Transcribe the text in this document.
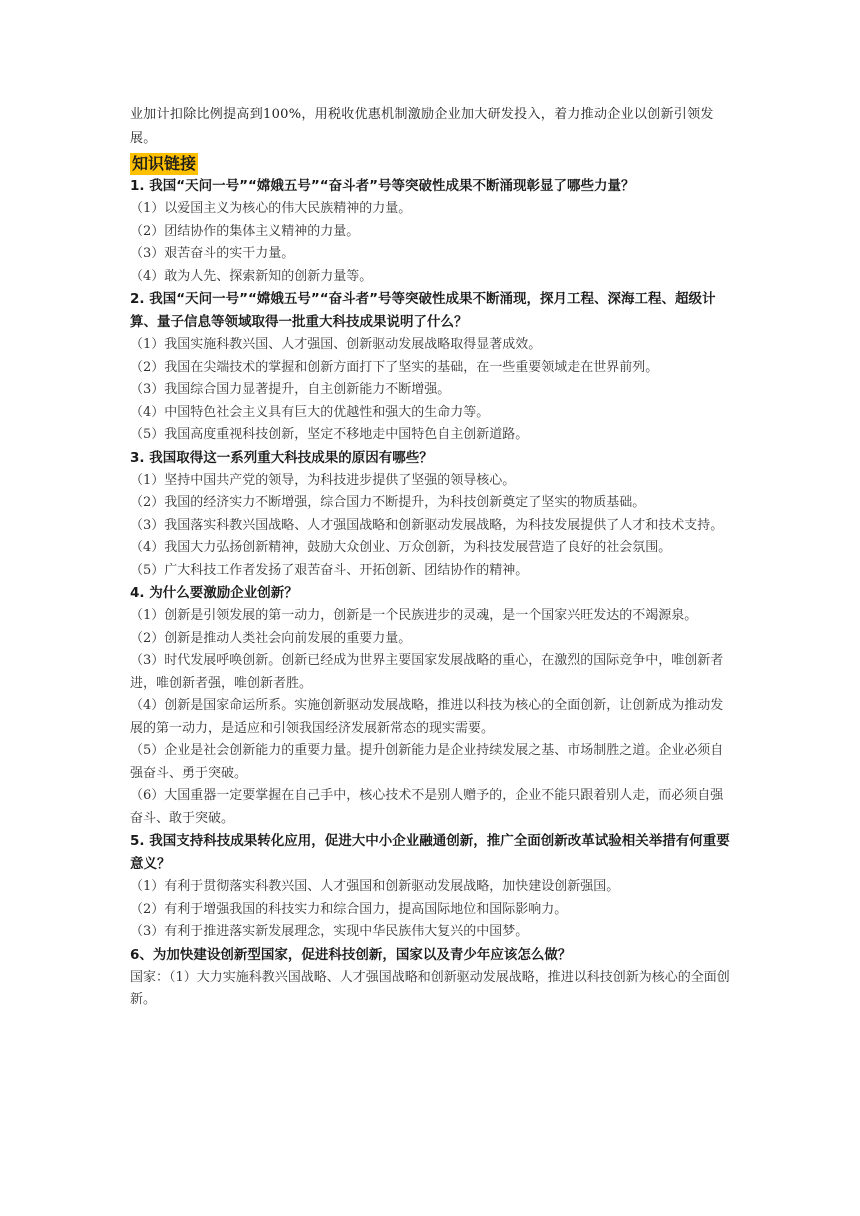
业加计扣除比例提高到100%，用税收优惠机制激励企业加大研发投入，着力推动企业以创新引领发展。

知识链接

1. 我国“天问一号”“嫦娥五号”“奋斗者”号等突破性成果不断涌现彰显了哪些力量？

（1）以爱国主义为核心的伟大民族精神的力量。

（2）团结协作的集体主义精神的力量。

（3）艰苦奋斗的实干力量。

（4）敢为人先、探索新知的创新力量等。

2. 我国“天问一号”“嫦娥五号”“奋斗者”号等突破性成果不断涌现，探月工程、深海工程、超级计算、量子信息等领域取得一批重大科技成果说明了什么？

（1）我国实施科教兴国、人才强国、创新驱动发展战略取得显著成效。

（2）我国在尖端技术的掌握和创新方面打下了坚实的基础，在一些重要领域走在世界前列。

（3）我国综合国力显著提升，自主创新能力不断增强。

（4）中国特色社会主义具有巨大的优越性和强大的生命力等。

（5）我国高度重视科技创新，坚定不移地走中国特色自主创新道路。

3. 我国取得这一系列重大科技成果的原因有哪些？

（1）坚持中国共产党的领导，为科技进步提供了坚强的领导核心。

（2）我国的经济实力不断增强，综合国力不断提升，为科技创新奠定了坚实的物质基础。

（3）我国落实科教兴国战略、人才强国战略和创新驱动发展战略，为科技发展提供了人才和技术支持。

（4）我国大力弘扬创新精神，鼓励大众创业、万众创新，为科技发展营造了良好的社会氛围。

（5）广大科技工作者发扬了艰苦奋斗、开拓创新、团结协作的精神。

4. 为什么要激励企业创新？

（1）创新是引领发展的第一动力，创新是一个民族进步的灵魂，是一个国家兴旺发达的不竭源泉。

（2）创新是推动人类社会向前发展的重要力量。

（3）时代发展呼唤创新。创新已经成为世界主要国家发展战略的重心，在激烈的国际竞争中，唯创新者进，唯创新者强，唯创新者胜。

（4）创新是国家命运所系。实施创新驱动发展战略，推进以科技为核心的全面创新，让创新成为推动发展的第一动力，是适应和引领我国经济发展新常态的现实需要。

（5）企业是社会创新能力的重要力量。提升创新能力是企业持续发展之基、市场制胜之道。企业必须自强奋斗、勇于突破。

（6）大国重器一定要掌握在自己手中，核心技术不是别人赠予的，企业不能只跟着别人走，而必须自强奋斗、敢于突破。

5. 我国支持科技成果转化应用，促进大中小企业融通创新，推广全面创新改革试验相关举措有何重要意义？

（1）有利于贯彻落实科教兴国、人才强国和创新驱动发展战略，加快建设创新强国。

（2）有利于增强我国的科技实力和综合国力，提高国际地位和国际影响力。

（3）有利于推进落实新发展理念，实现中华民族伟大复兴的中国梦。

6、为加快建设创新型国家，促进科技创新，国家以及青少年应该怎么做？

国家：（1）大力实施科教兴国战略、人才强国战略和创新驱动发展战略，推进以科技创新为核心的全面创新。
